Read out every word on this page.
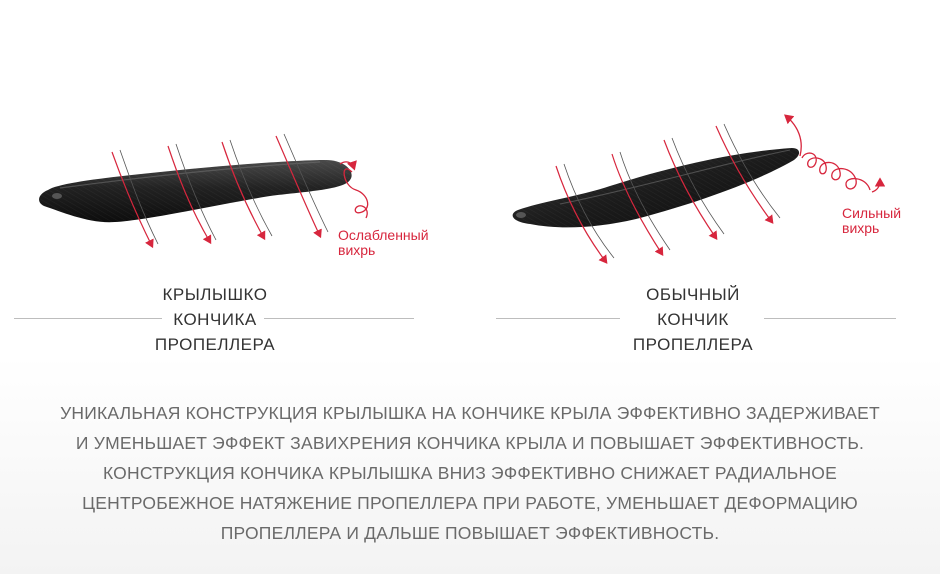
Ослабленный
вихрь
Сильный
вихрь
КРЫЛЫШКО
КОНЧИКА
ПРОПЕЛЛЕРА
ОБЫЧНЫЙ
КОНЧИК
ПРОПЕЛЛЕРА
УНИКАЛЬНАЯ КОНСТРУКЦИЯ КРЫЛЫШКА НА КОНЧИКЕ КРЫЛА ЭФФЕКТИВНО ЗАДЕРЖИВАЕТ
И УМЕНЬШАЕТ ЭФФЕКТ ЗАВИХРЕНИЯ КОНЧИКА КРЫЛА И ПОВЫШАЕТ ЭФФЕКТИВНОСТЬ.
КОНСТРУКЦИЯ КОНЧИКА КРЫЛЫШКА ВНИЗ ЭФФЕКТИВНО СНИЖАЕТ РАДИАЛЬНОЕ
ЦЕНТРОБЕЖНОЕ НАТЯЖЕНИЕ ПРОПЕЛЛЕРА ПРИ РАБОТЕ, УМЕНЬШАЕТ ДЕФОРМАЦИЮ
ПРОПЕЛЛЕРА И ДАЛЬШЕ ПОВЫШАЕТ ЭФФЕКТИВНОСТЬ.
